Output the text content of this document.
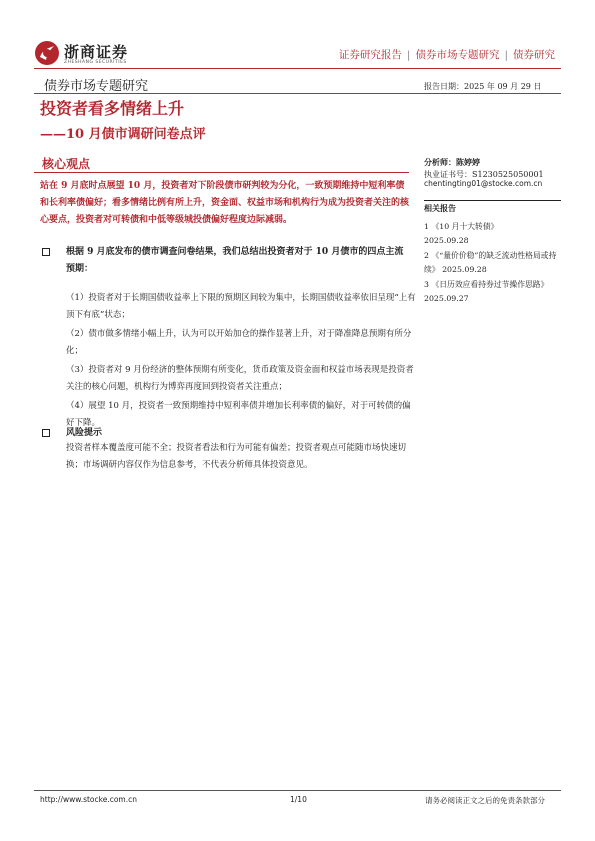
浙商证券
ZHESHANG SECURITIES
证券研究报告 | 债券市场专题研究 | 债券研究
债券市场专题研究	报告日期：2025 年 09 月 29 日
投资者看多情绪上升
——10 月债市调研问卷点评
核心观点
站在 9 月底时点展望 10 月，投资者对下阶段债市研判较为分化，一致预期维持中短利率债和长利率债偏好；看多情绪比例有所上升，资金面、权益市场和机构行为成为投资者关注的核心要点，投资者对可转债和中低等级城投债偏好程度边际减弱。
根据 9 月底发布的债市调查问卷结果，我们总结出投资者对于 10 月债市的四点主流预期：

（1）投资者对于长期国债收益率上下限的预期区间较为集中，长期国债收益率依旧呈现“上有顶下有底”状态；

（2）债市做多情绪小幅上升，认为可以开始加仓的操作显著上升，对于降准降息预期有所分化；

（3）投资者对 9 月份经济的整体预期有所变化，货币政策及资金面和权益市场表现是投资者关注的核心问题，机构行为博弈再度回到投资者关注重点；

（4）展望 10 月，投资者一致预期维持中短利率债并增加长利率债的偏好，对于可转债的偏好下降。

风险提示
投资者样本覆盖度可能不全；投资者看法和行为可能有偏差；投资者观点可能随市场快速切换；市场调研内容仅作为信息参考，不代表分析师具体投资意见。
分析师：陈婷婷
执业证书号：S1230525050001
chentingting01@stocke.com.cn
相关报告
1 《10 月十大转债》
2025.09.28
2 《“量价价稳”的缺乏流动性格局或持续》 2025.09.28
3 《日历效应看持券过节操作思路》 2025.09.27
http://www.stocke.com.cn	1/10	请务必阅读正文之后的免责条款部分
